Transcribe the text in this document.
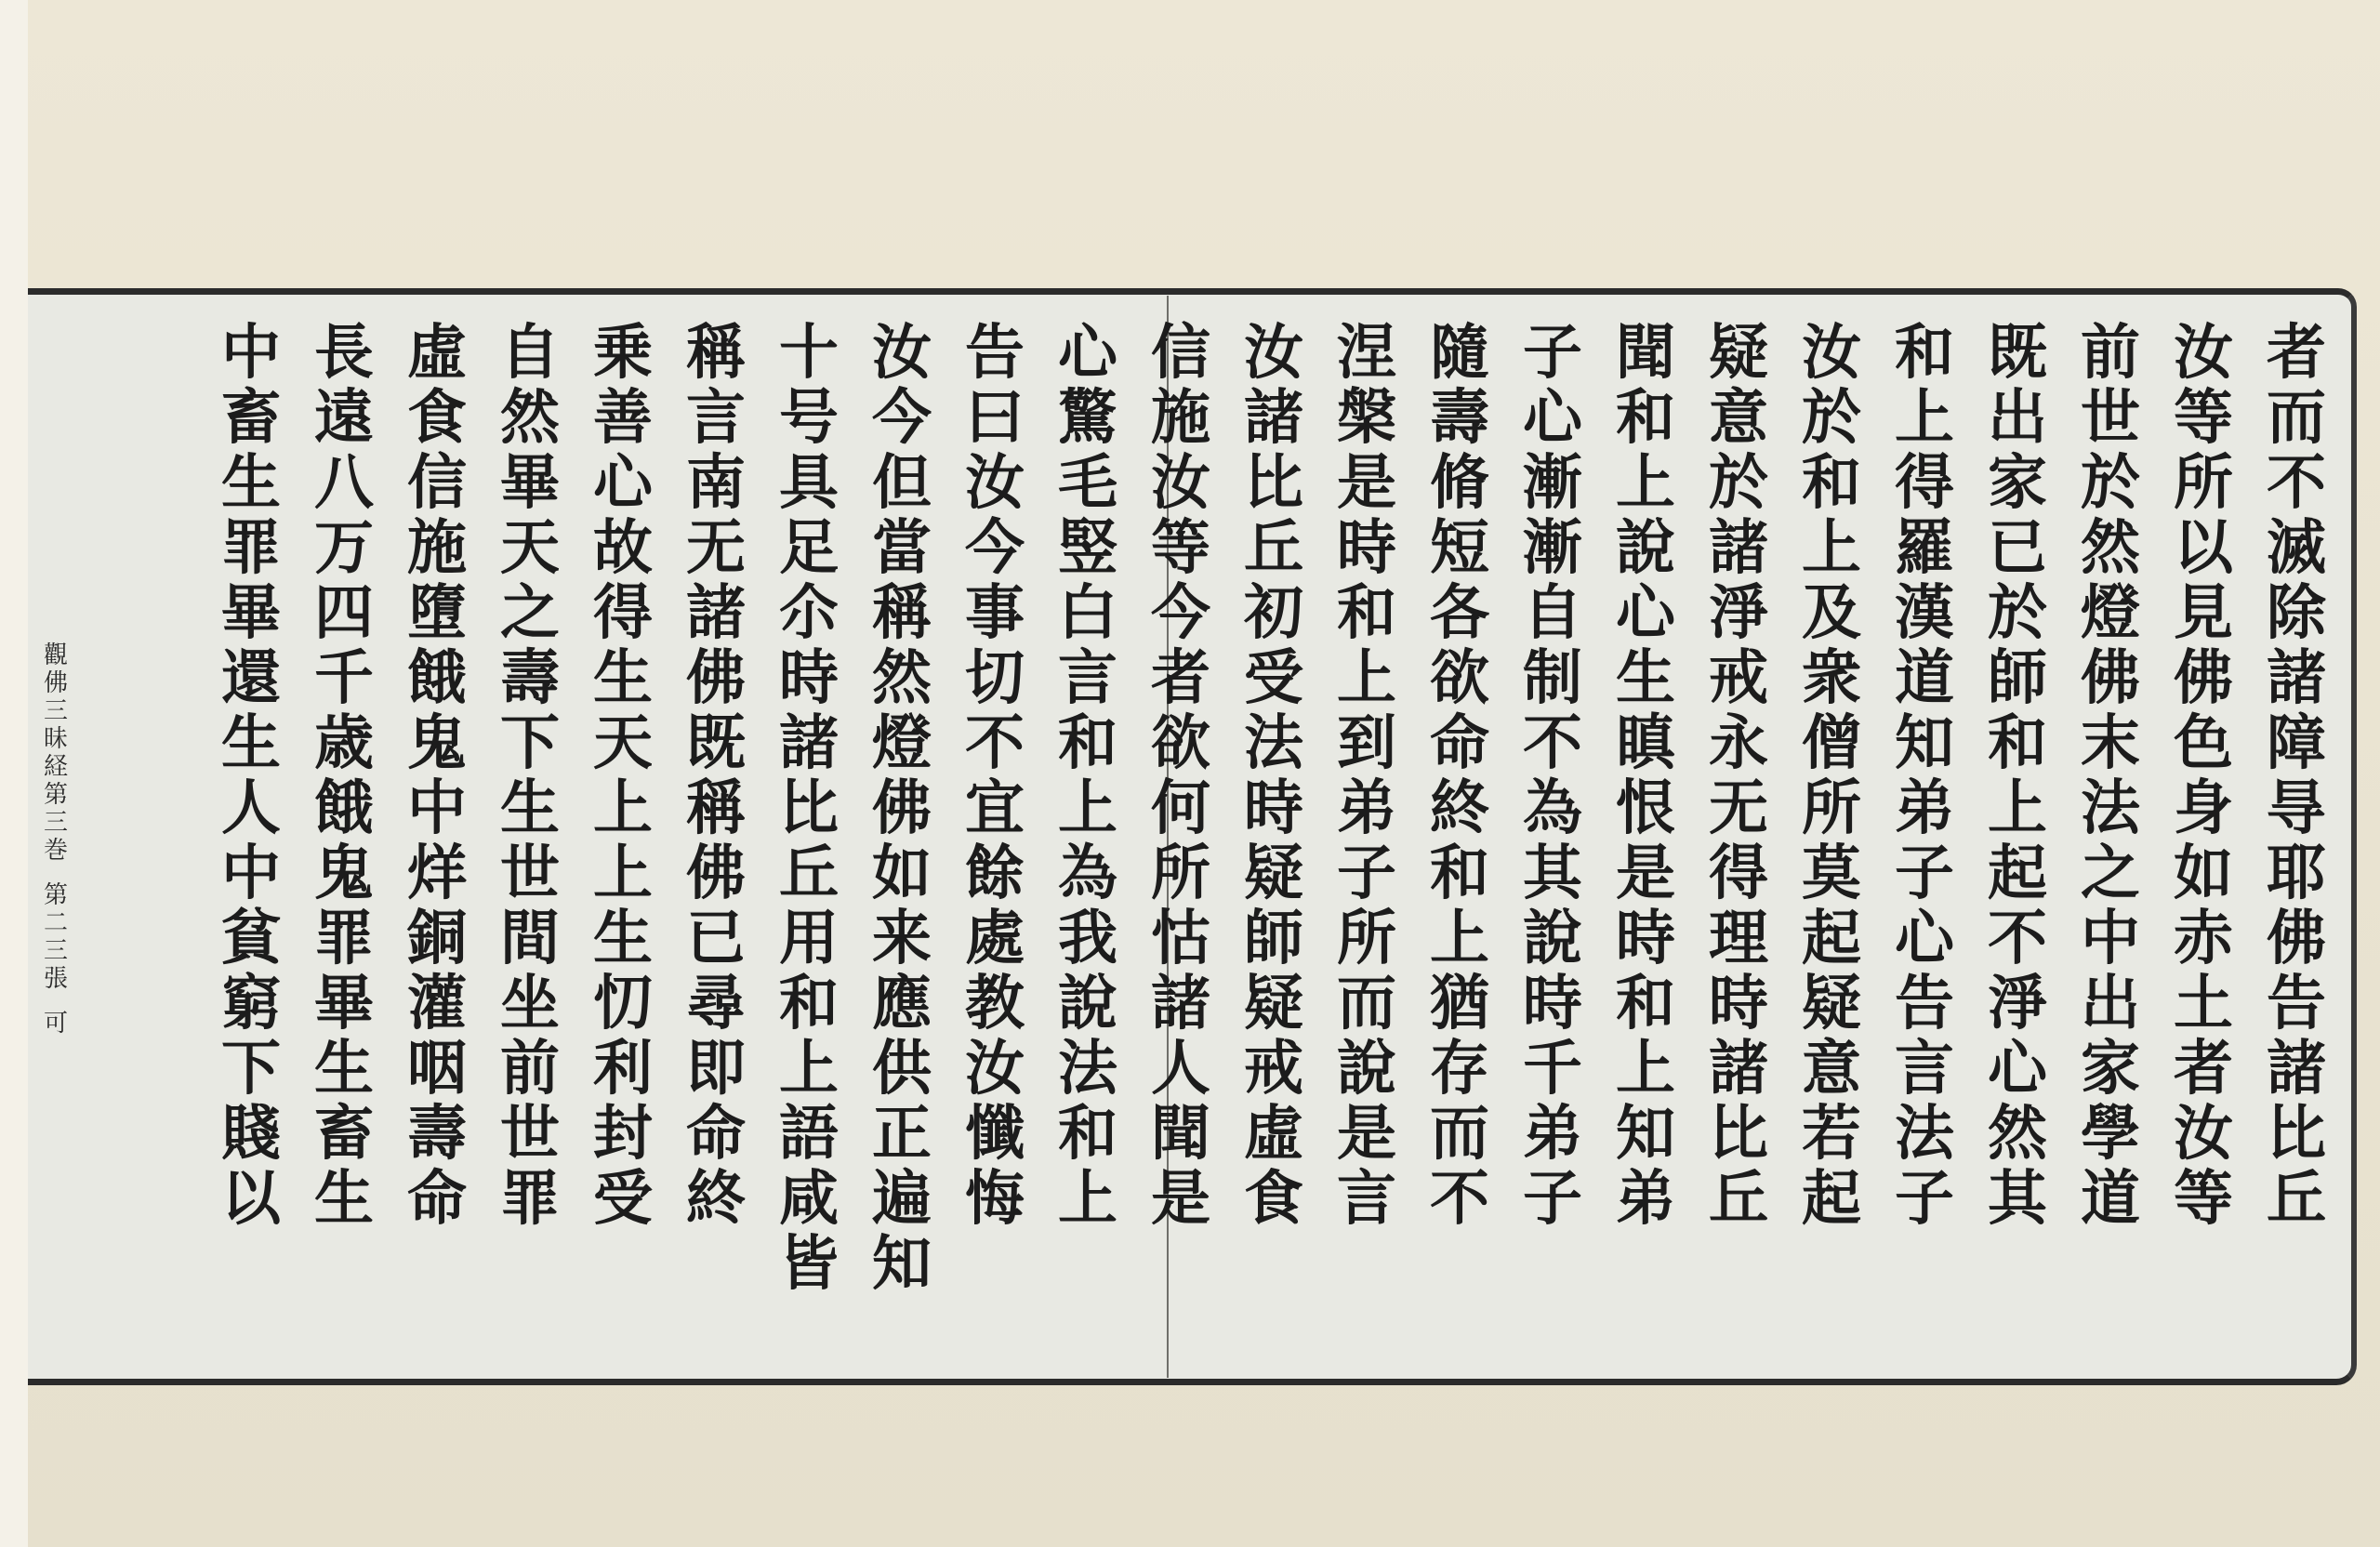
者
而
不
滅
除
諸
障
㝵
耶
佛
告
諸
比
丘
汝
等
所
以
見
佛
色
身
如
赤
土
者
汝
等
前
世
於
然
燈
佛
末
法
之
中
出
家
學
道
既
出
家
已
於
師
和
上
起
不
淨
心
然
其
和
上
得
羅
漢
道
知
弟
子
心
告
言
法
子
汝
於
和
上
及
衆
僧
所
莫
起
疑
意
若
起
疑
意
於
諸
淨
戒
永
无
得
理
時
諸
比
丘
聞
和
上
說
心
生
瞋
恨
是
時
和
上
知
弟
子
心
漸
漸
自
制
不
為
其
說
時
千
弟
子
隨
壽
脩
短
各
欲
命
終
和
上
猶
存
而
不
涅
槃
是
時
和
上
到
弟
子
所
而
說
是
言
汝
諸
比
丘
初
受
法
時
疑
師
疑
戒
虛
食
信
施
汝
等
今
者
欲
何
所
怙
諸
人
聞
是
心
驚
毛
竪
白
言
和
上
為
我
說
法
和
上
告
曰
汝
今
事
切
不
宜
餘
處
教
汝
懺
悔
汝
今
但
當
稱
然
燈
佛
如
来
應
供
正
遍
知
十
号
具
足
尒
時
諸
比
丘
用
和
上
語
咸
皆
稱
言
南
无
諸
佛
既
稱
佛
已
尋
即
命
終
乗
善
心
故
得
生
天
上
上
生
忉
利
封
受
自
然
畢
天
之
壽
下
生
世
間
坐
前
世
罪
虛
食
信
施
墮
餓
鬼
中
烊
銅
灌
咽
壽
命
長
遠
八
万
四
千
歳
餓
鬼
罪
畢
生
畜
生
中
畜
生
罪
畢
還
生
人
中
貧
窮
下
賤
以
觀
佛
三
昧
経
第
三
巻
第
二
三
張
可
